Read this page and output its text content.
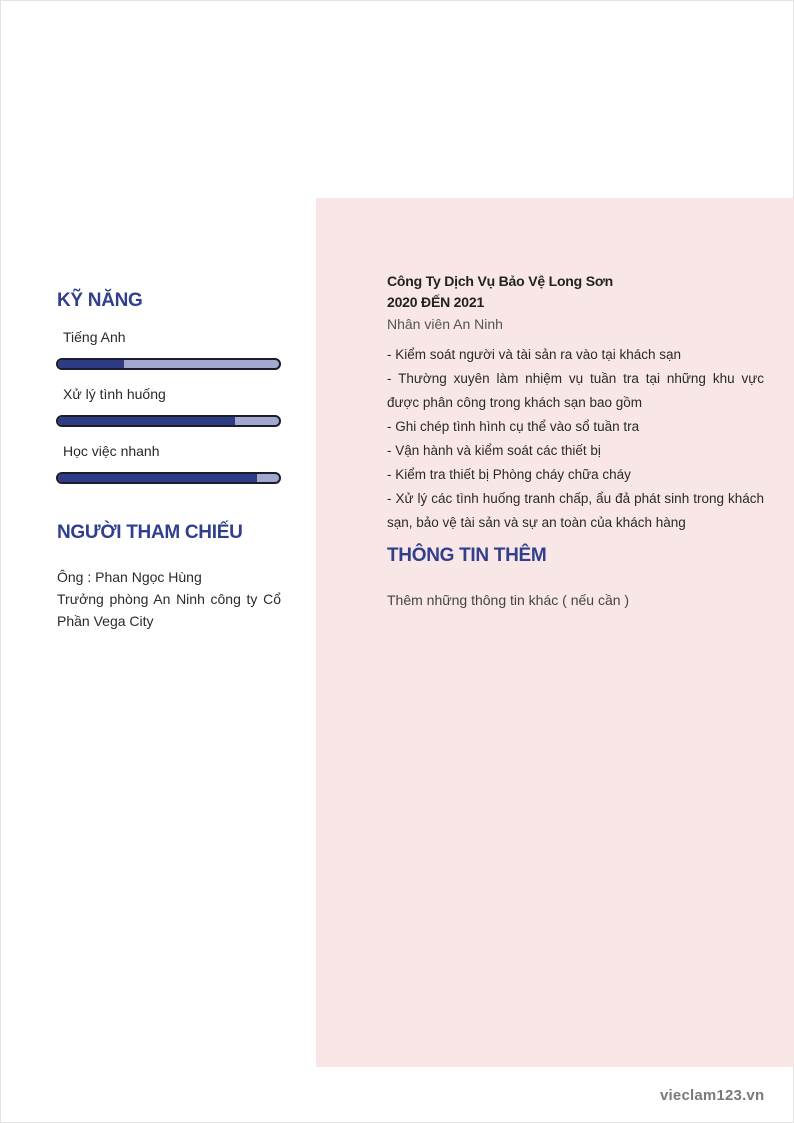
KỸ NĂNG
Tiếng Anh
Xử lý tình huống
Học việc nhanh
NGƯỜI THAM CHIẾU
Ông : Phan Ngọc Hùng
Trưởng phòng An Ninh công ty Cổ Phần Vega City
Công Ty Dịch Vụ Bảo Vệ Long Sơn
2020 ĐẾN 2021
Nhân viên An Ninh
- Kiểm soát người và tài sản ra vào tại khách sạn
- Thường xuyên làm nhiệm vụ tuần tra tại những khu vực được phân công trong khách sạn bao gồm
- Ghi chép tình hình cụ thể vào sổ tuần tra
- Vận hành và kiểm soát các thiết bị
- Kiểm tra thiết bị Phòng cháy chữa cháy
- Xử lý các tình huống tranh chấp, ẩu đả phát sinh trong khách sạn, bảo vệ tài sản và sự an toàn của khách hàng
THÔNG TIN THÊM
Thêm những thông tin khác ( nếu cần )
vieclam123.vn
